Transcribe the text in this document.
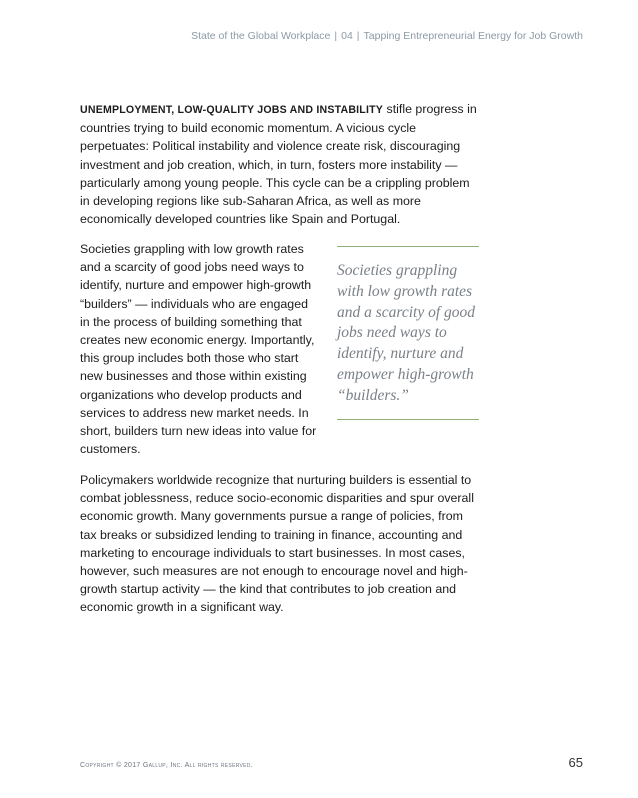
State of the Global Workplace | 04 | Tapping Entrepreneurial Energy for Job Growth
UNEMPLOYMENT, LOW-QUALITY JOBS AND INSTABILITY stifle progress in countries trying to build economic momentum. A vicious cycle perpetuates: Political instability and violence create risk, discouraging investment and job creation, which, in turn, fosters more instability — particularly among young people. This cycle can be a crippling problem in developing regions like sub-Saharan Africa, as well as more economically developed countries like Spain and Portugal.
Societies grappling with low growth rates and a scarcity of good jobs need ways to identify, nurture and empower high-growth “builders” — individuals who are engaged in the process of building something that creates new economic energy. Importantly, this group includes both those who start new businesses and those within existing organizations who develop products and services to address new market needs. In short, builders turn new ideas into value for customers.
Societies grappling with low growth rates and a scarcity of good jobs need ways to identify, nurture and empower high-growth “builders.”
Policymakers worldwide recognize that nurturing builders is essential to combat joblessness, reduce socio-economic disparities and spur overall economic growth. Many governments pursue a range of policies, from tax breaks or subsidized lending to training in finance, accounting and marketing to encourage individuals to start businesses. In most cases, however, such measures are not enough to encourage novel and high-growth startup activity — the kind that contributes to job creation and economic growth in a significant way.
Copyright © 2017 Gallup, Inc. All rights reserved.	65
